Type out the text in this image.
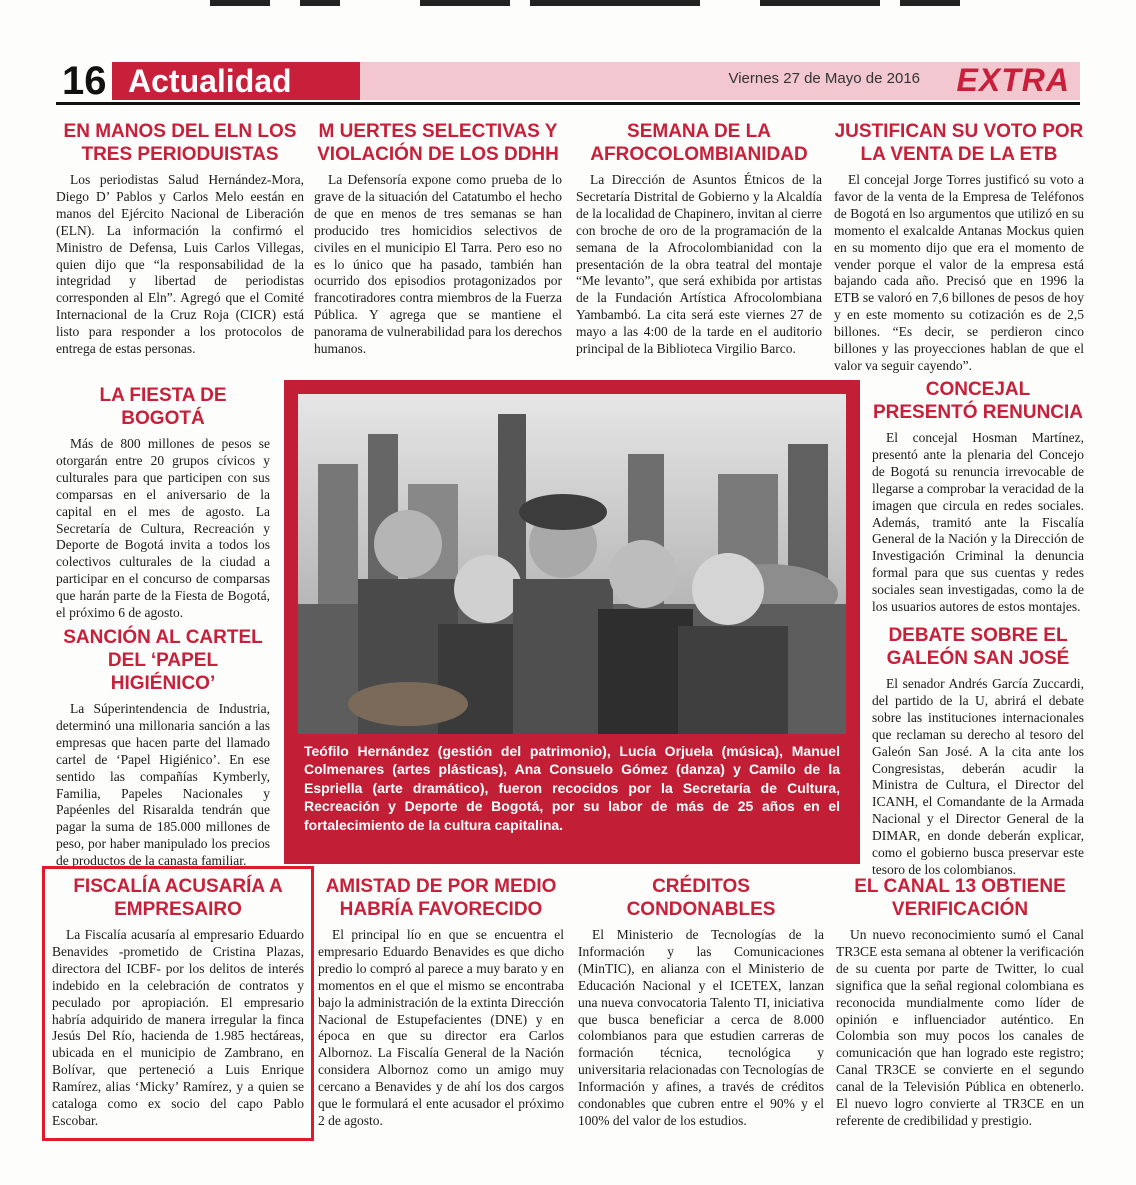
16 Actualidad	Viernes 27 de Mayo de 2016 EXTRA
EN MANOS DEL ELN LOS TRES PERIODUISTAS

Los periodistas Salud Hernández-Mora, Diego D’ Pablos y Carlos Melo eestán en manos del Ejército Nacional de Liberación (ELN). La información la confirmó el Ministro de Defensa, Luis Carlos Villegas, quien dijo que “la responsabilidad de la integridad y libertad de periodistas corresponden al Eln”. Agregó que el Comité Internacional de la Cruz Roja (CICR) está listo para responder a los protocolos de entrega de estas personas.

M UERTES SELECTIVAS Y VIOLACIÓN DE LOS DDHH

La Defensoría expone como prueba de lo grave de la situación del Catatumbo el hecho de que en menos de tres semanas se han producido tres homicidios selectivos de civiles en el municipio El Tarra. Pero eso no es lo único que ha pasado, también han ocurrido dos episodios protagonizados por francotiradores contra miembros de la Fuerza Pública. Y agrega que se mantiene el panorama de vulnerabilidad para los derechos humanos.

SEMANA DE LA AFROCOLOMBIANIDAD

La Dirección de Asuntos Étnicos de la Secretaría Distrital de Gobierno y la Alcaldía de la localidad de Chapinero, invitan al cierre con broche de oro de la programación de la semana de la Afrocolombianidad con la presentación de la obra teatral del montaje “Me levanto”, que será exhibida por artistas de la Fundación Artística Afrocolombiana Yambambó. La cita será este viernes 27 de mayo a las 4:00 de la tarde en el auditorio principal de la Biblioteca Virgilio Barco.

JUSTIFICAN SU VOTO POR LA VENTA DE LA ETB

El concejal Jorge Torres justificó su voto a favor de la venta de la Empresa de Teléfonos de Bogotá en lso argumentos que utilizó en su momento el exalcalde Antanas Mockus quien en su momento dijo que era el momento de vender porque el valor de la empresa está bajando cada año. Precisó que en 1996 la ETB se valoró en 7,6 billones de pesos de hoy y en este momento su cotización es de 2,5 billones. “Es decir, se perdieron cinco billones y las proyecciones hablan de que el valor va seguir cayendo”.

LA FIESTA DE BOGOTÁ

Más de 800 millones de pesos se otorgarán entre 20 grupos cívicos y culturales para que participen con sus comparsas en el aniversario de la capital en el mes de agosto. La Secretaría de Cultura, Recreación y Deporte de Bogotá invita a todos los colectivos culturales de la ciudad a participar en el concurso de comparsas que harán parte de la Fiesta de Bogotá, el próximo 6 de agosto.

SANCIÓN AL CARTEL DEL ‘PAPEL HIGIÉNICO’

La Súperintendencia de Industria, determinó una millonaria sanción a las empresas que hacen parte del llamado cartel de ‘Papel Higiénico’. En ese sentido las compañías Kymberly, Familia, Papeles Nacionales y Papéenles del Risaralda tendrán que pagar la suma de 185.000 millones de peso, por haber manipulado los precios de productos de la canasta familiar.

CONCEJAL PRESENTÓ RENUNCIA

El concejal Hosman Martínez, presentó ante la plenaria del Concejo de Bogotá su renuncia irrevocable de llegarse a comprobar la veracidad de la imagen que circula en redes sociales. Además, tramitó ante la Fiscalía General de la Nación y la Dirección de Investigación Criminal la denuncia formal para que sus cuentas y redes sociales sean investigadas, como la de los usuarios autores de estos montajes.

DEBATE SOBRE EL GALEÓN SAN JOSÉ

El senador Andrés García Zuccardi, del partido de la U, abrirá el debate sobre las instituciones internacionales que reclaman su derecho al tesoro del Galeón San José. A la cita ante los Congresistas, deberán acudir la Ministra de Cultura, el Director del ICANH, el Comandante de la Armada Nacional y el Director General de la DIMAR, en donde deberán explicar, como el gobierno busca preservar este tesoro de los colombianos.

Teófilo Hernández (gestión del patrimonio), Lucía Orjuela (música), Manuel Colmenares (artes plásticas), Ana Consuelo Gómez (danza) y Camilo de la Espriella (arte dramático), fueron recocidos por la Secretaría de Cultura, Recreación y Deporte de Bogotá, por su labor de más de 25 años en el fortalecimiento de la cultura capitalina.
FISCALÍA ACUSARÍA A EMPRESAIRO

La Fiscalía acusaría al empresario Eduardo Benavides -prometido de Cristina Plazas, directora del ICBF- por los delitos de interés indebido en la celebración de contratos y peculado por apropiación. El empresario habría adquirido de manera irregular la finca Jesús Del Río, hacienda de 1.985 hectáreas, ubicada en el municipio de Zambrano, en Bolívar, que perteneció a Luis Enrique Ramírez, alias ‘Micky’ Ramírez, y a quien se cataloga como ex socio del capo Pablo Escobar.

AMISTAD DE POR MEDIO HABRÍA FAVORECIDO

El principal lío en que se encuentra el empresario Eduardo Benavides es que dicho predio lo compró al parece a muy barato y en momentos en el que el mismo se encontraba bajo la administración de la extinta Dirección Nacional de Estupefacientes (DNE) y en época en que su director era Carlos Albornoz. La Fiscalía General de la Nación considera Albornoz como un amigo muy cercano a Benavides y de ahí los dos cargos que le formulará el ente acusador el próximo 2 de agosto.

CRÉDITOS CONDONABLES

El Ministerio de Tecnologías de la Información y las Comunicaciones (MinTIC), en alianza con el Ministerio de Educación Nacional y el ICETEX, lanzan una nueva convocatoria Talento TI, iniciativa que busca beneficiar a cerca de 8.000 colombianos para que estudien carreras de formación técnica, tecnológica y universitaria relacionadas con Tecnologías de Información y afines, a través de créditos condonables que cubren entre el 90% y el 100% del valor de los estudios.

EL CANAL 13 OBTIENE VERIFICACIÓN

Un nuevo reconocimiento sumó el Canal TR3CE esta semana al obtener la verificación de su cuenta por parte de Twitter, lo cual significa que la señal regional colombiana es reconocida mundialmente como líder de opinión e influenciador auténtico. En Colombia son muy pocos los canales de comunicación que han logrado este registro; Canal TR3CE se convierte en el segundo canal de la Televisión Pública en obtenerlo. El nuevo logro convierte al TR3CE en un referente de credibilidad y prestigio.
